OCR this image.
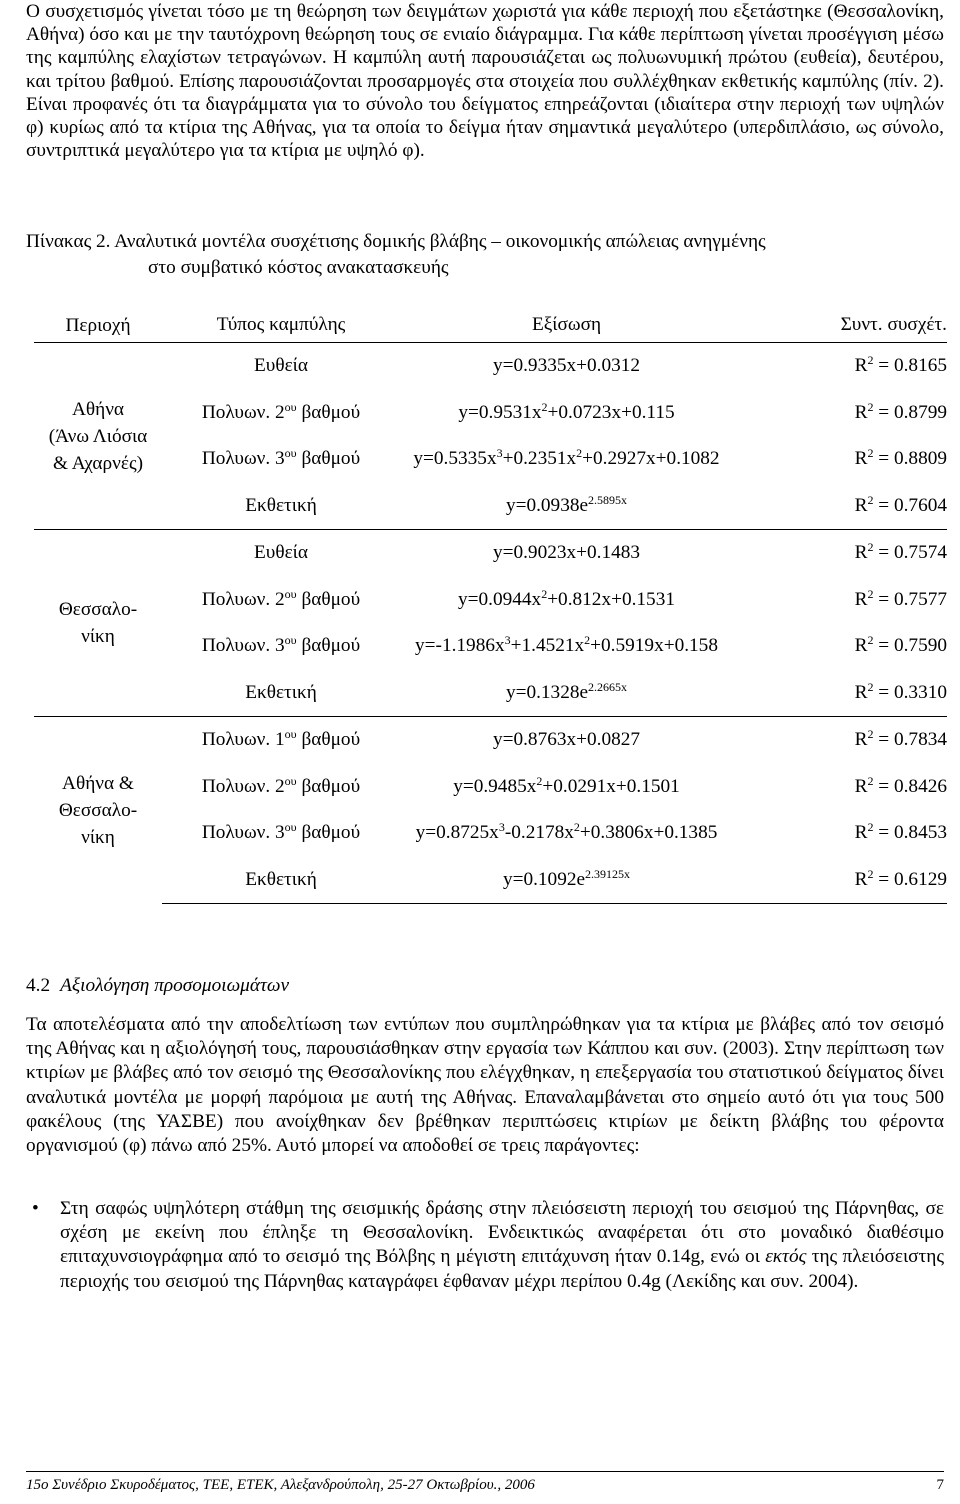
Ο συσχετισμός γίνεται τόσο με τη θεώρηση των δειγμάτων χωριστά για κάθε περιοχή που εξετάστηκε (Θεσσαλονίκη, Αθήνα) όσο και με την ταυτόχρονη θεώρηση τους σε ενιαίο διάγραμμα. Για κάθε περίπτωση γίνεται προσέγγιση μέσω της καμπύλης ελαχίστων τετραγώνων. Η καμπύλη αυτή παρουσιάζεται ως πολυωνυμική πρώτου (ευθεία), δευτέρου, και τρίτου βαθμού. Επίσης παρουσιάζονται προσαρμογές στα στοιχεία που συλλέχθηκαν εκθετικής καμπύλης (πίν. 2). Είναι προφανές ότι τα διαγράμματα για το σύνολο του δείγματος επηρεάζονται (ιδιαίτερα στην περιοχή των υψηλών φ) κυρίως από τα κτίρια της Αθήνας, για τα οποία το δείγμα ήταν σημαντικά μεγαλύτερο (υπερδιπλάσιο, ως σύνολο, συντριπτικά μεγαλύτερο για τα κτίρια με υψηλό φ).

Πίνακας 2. Αναλυτικά μοντέλα συσχέτισης δομικής βλάβης – οικονομικής απώλειας ανηγμένης
στο συμβατικό κόστος ανακατασκευής
Περιοχή	Τύπος καμπύλης	Εξίσωση	Συντ. συσχέτ.

Αθήνα
(Άνω Λιόσια
& Αχαρνές)	Ευθεία	y=0.9335x+0.0312	$R^2 = 0.8165$
	Πολυων. $2^{o\upsilon}$ βαθμού	$y=0.9531x^2+0.0723x+0.115$	$R^2 = 0.8799$
	Πολυων. $3^{o\upsilon}$ βαθμού	$y=0.5335x^3+0.2351x^2+0.2927x+0.1082$	$R^2 = 0.8809$
	Εκθετική	$y=0.0938e^{2.5895x}$	$R^2 = 0.7604$

Θεσσαλο-
νίκη	Ευθεία	y=0.9023x+0.1483	$R^2 = 0.7574$
	Πολυων. $2^{o\upsilon}$ βαθμού	$y=0.0944x^2+0.812x+0.1531$	$R^2 = 0.7577$
	Πολυων. $3^{o\upsilon}$ βαθμού	$y=-1.1986x^3+1.4521x^2+0.5919x+0.158$	$R^2 = 0.7590$
	Εκθετική	$y=0.1328e^{2.2665x}$	$R^2 = 0.3310$

Αθήνα &
Θεσσαλο-
νίκη	Πολυων. $1^{o\upsilon}$ βαθμού	y=0.8763x+0.0827	$R^2 = 0.7834$
	Πολυων. $2^{o\upsilon}$ βαθμού	$y=0.9485x^2+0.0291x+0.1501$	$R^2 = 0.8426$
	Πολυων. $3^{o\upsilon}$ βαθμού	$y=0.8725x^3-0.2178x^2+0.3806x+0.1385$	$R^2 = 0.8453$
	Εκθετική	$y=0.1092e^{2.39125x}$	$R^2 = 0.6129$
4.2 Αξιολόγηση προσομοιωμάτων

Τα αποτελέσματα από την αποδελτίωση των εντύπων που συμπληρώθηκαν για τα κτίρια με βλάβες από τον σεισμό της Αθήνας και η αξιολόγησή τους, παρουσιάσθηκαν στην εργασία των Κάππου και συν. (2003). Στην περίπτωση των κτιρίων με βλάβες από τον σεισμό της Θεσσαλονίκης που ελέγχθηκαν, η επεξεργασία του στατιστικού δείγματος δίνει αναλυτικά μοντέλα με μορφή παρόμοια με αυτή της Αθήνας. Επαναλαμβάνεται στο σημείο αυτό ότι για τους 500 φακέλους (της ΥΑΣΒΕ) που ανοίχθηκαν δεν βρέθηκαν περιπτώσεις κτιρίων με δείκτη βλάβης του φέροντα οργανισμού (φ) πάνω από 25%. Αυτό μπορεί να αποδοθεί σε τρεις παράγοντες:

• Στη σαφώς υψηλότερη στάθμη της σεισμικής δράσης στην πλειόσειστη περιοχή του σεισμού της Πάρνηθας, σε σχέση με εκείνη που έπληξε τη Θεσσαλονίκη. Ενδεικτικώς αναφέρεται ότι στο μοναδικό διαθέσιμο επιταχυνσιογράφημα από το σεισμό της Βόλβης η μέγιστη επιτάχυνση ήταν 0.14g, ενώ οι εκτός της πλειόσειστης περιοχής του σεισμού της Πάρνηθας καταγράφει έφθαναν μέχρι περίπου 0.4g (Λεκίδης και συν. 2004).
15ο Συνέδριο Σκυροδέματος, ΤΕΕ, ΕΤΕΚ, Αλεξανδρούπολη, 25-27 Οκτωβρίου., 2006	7
